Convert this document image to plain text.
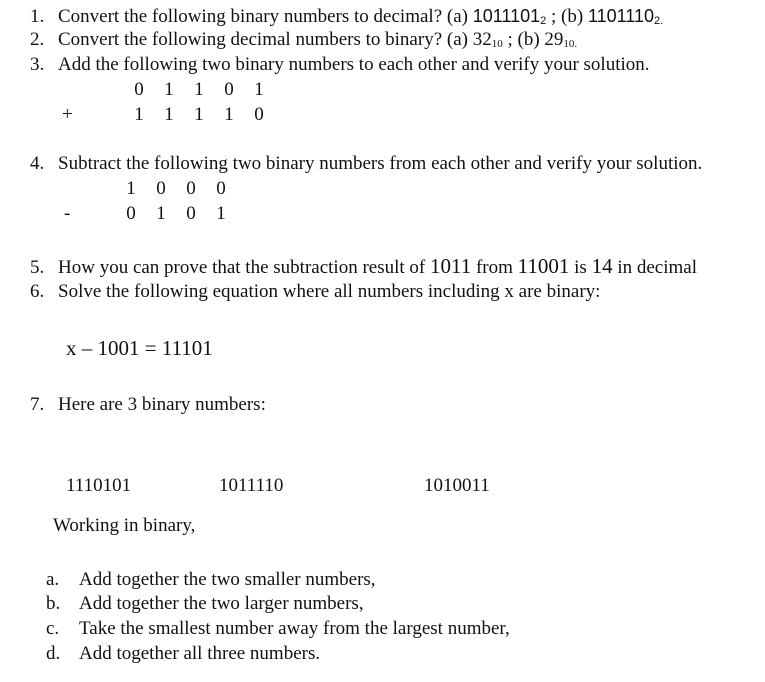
1. Convert the following binary numbers to decimal? (a) 10111012 ; (b) 11011102.
2. Convert the following decimal numbers to binary? (a) 3210 ; (b) 2910.
3. Add the following two binary numbers to each other and verify your solution.
0 1 1 0 1
+	1 1 1 1 0
4. Subtract the following two binary numbers from each other and verify your solution.
1 0 0 0
-	0 1 0 1
5. How you can prove that the subtraction result of 1011 from 11001 is 14 in decimal
6. Solve the following equation where all numbers including x are binary:
x – 1001 = 11101
7. Here are 3 binary numbers:
1110101	1011110	1010011
Working in binary,
a. Add together the two smaller numbers,
b. Add together the two larger numbers,
c. Take the smallest number away from the largest number,
d. Add together all three numbers.
